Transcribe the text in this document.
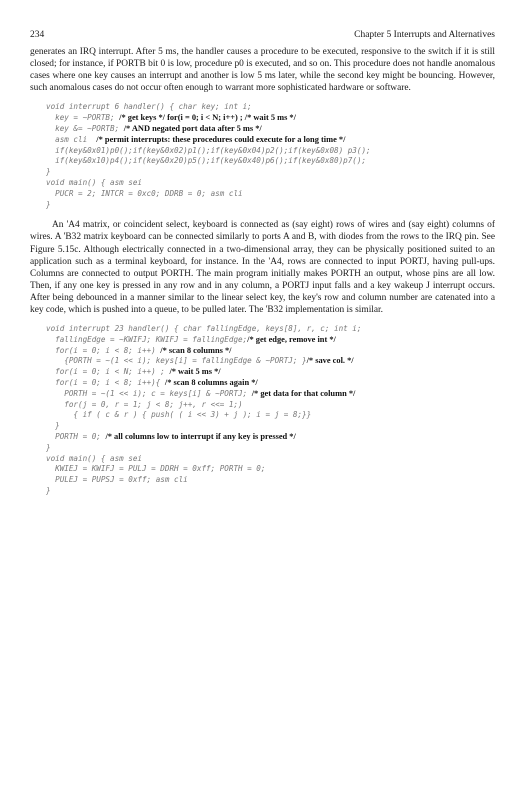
234	Chapter 5 Interrupts and Alternatives

generates an IRQ interrupt. After 5 ms, the handler causes a procedure to be executed, responsive to the switch if it is still closed; for instance, if PORTB bit 0 is low, procedure p0 is executed, and so on. This procedure does not handle anomalous cases where one key causes an interrupt and another is low 5 ms later, while the second key might be bouncing. However, such anomalous cases do not occur often enough to warrant more sophisticated hardware or software.

void interrupt 6 handler() { char key; int i;
key = ~PORTB; /* get keys */ for(i = 0; i < N; i++) ; /* wait 5 ms */
key &= ~PORTB; /* AND negated port data after 5 ms */
asm cli  /* permit interrupts: these procedures could execute for a long time */
if(key&0x01)p0();if(key&0x02)p1();if(key&0x04)p2();if(key&0x08) p3();
if(key&0x10)p4();if(key&0x20)p5();if(key&0x40)p6();if(key&0x80)p7();
}
void main() { asm sei
PUCR = 2; INTCR = 0xc0; DDRB = 0; asm cli
}

An 'A4 matrix, or coincident select, keyboard is connected as (say eight) rows of wires and (say eight) columns of wires. A 'B32 matrix keyboard can be connected similarly to ports A and B, with diodes from the rows to the IRQ pin. See Figure 5.15c. Although electrically connected in a two-dimensional array, they can be physically positioned suited to an application such as a terminal keyboard, for instance. In the 'A4, rows are connected to input PORTJ, having pull-ups. Columns are connected to output PORTH. The main program initially makes PORTH an output, whose pins are all low. Then, if any one key is pressed in any row and in any column, a PORTJ input falls and a key wakeup J interrupt occurs. After being debounced in a manner similar to the linear select key, the key's row and column number are catenated into a key code, which is pushed into a queue, to be pulled later. The 'B32 implementation is similar.

void interrupt 23 handler() { char fallingEdge, keys[8], r, c; int i;
fallingEdge = ~KWIFJ; KWIFJ = fallingEdge;/* get edge, remove int */
for(i = 0; i < 8; i++) /* scan 8 columns */
{PORTH = ~(1 << i); keys[i] = fallingEdge & ~PORTJ; }/* save col. */
for(i = 0; i < N; i++) ; /* wait 5 ms */
for(i = 0; i < 8; i++){ /* scan 8 columns again */
PORTH = ~(1 << i); c = keys[i] & ~PORTJ; /* get data for that column */
for(j = 0, r = 1; j < 8; j++, r <<= 1;)
{ if ( c & r ) { push( ( i << 3) + j ); i = j = 8;}}
}
PORTH = 0; /* all columns low to interrupt if any key is pressed */
}
void main() { asm sei
KWIEJ = KWIFJ = PULJ = DDRH = 0xff; PORTH = 0;
PULEJ = PUPSJ = 0xff; asm cli
}
